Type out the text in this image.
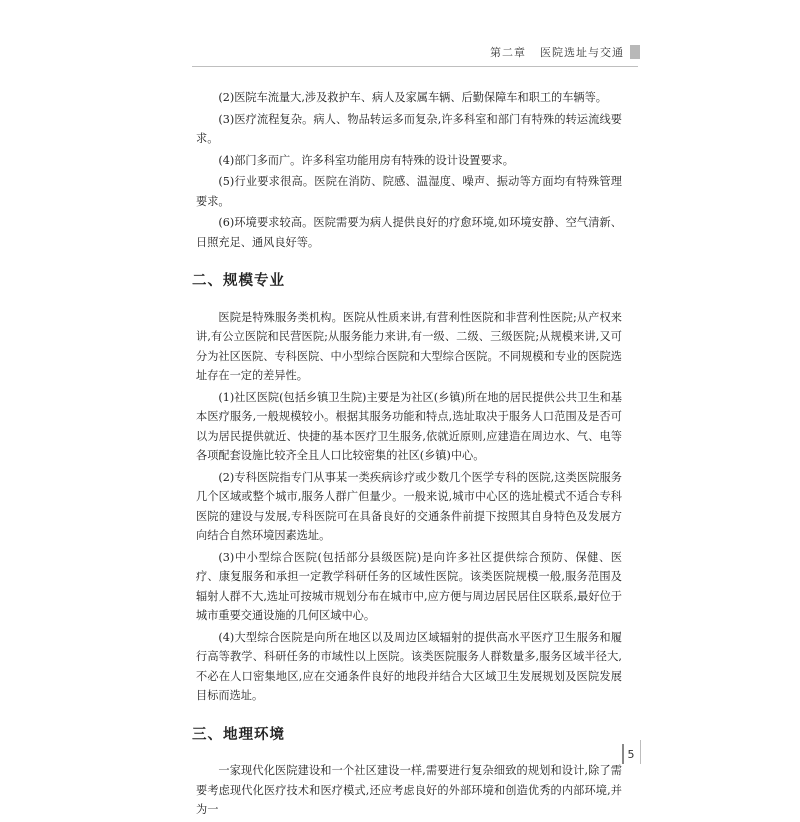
第二章 医院选址与交通

(2)医院车流量大,涉及救护车、病人及家属车辆、后勤保障车和职工的车辆等。

(3)医疗流程复杂。病人、物品转运多而复杂,许多科室和部门有特殊的转运流线要求。

(4)部门多而广。许多科室功能用房有特殊的设计设置要求。

(5)行业要求很高。医院在消防、院感、温湿度、噪声、振动等方面均有特殊管理要求。

(6)环境要求较高。医院需要为病人提供良好的疗愈环境,如环境安静、空气清新、日照充足、通风良好等。

二、规模专业

医院是特殊服务类机构。医院从性质来讲,有营利性医院和非营利性医院;从产权来讲,有公立医院和民营医院;从服务能力来讲,有一级、二级、三级医院;从规模来讲,又可分为社区医院、专科医院、中小型综合医院和大型综合医院。不同规模和专业的医院选址存在一定的差异性。

(1)社区医院(包括乡镇卫生院)主要是为社区(乡镇)所在地的居民提供公共卫生和基本医疗服务,一般规模较小。根据其服务功能和特点,选址取决于服务人口范围及是否可以为居民提供就近、快捷的基本医疗卫生服务,依就近原则,应建造在周边水、气、电等各项配套设施比较齐全且人口比较密集的社区(乡镇)中心。

(2)专科医院指专门从事某一类疾病诊疗或少数几个医学专科的医院,这类医院服务几个区域或整个城市,服务人群广但量少。一般来说,城市中心区的选址模式不适合专科医院的建设与发展,专科医院可在具备良好的交通条件前提下按照其自身特色及发展方向结合自然环境因素选址。

(3)中小型综合医院(包括部分县级医院)是向许多社区提供综合预防、保健、医疗、康复服务和承担一定教学科研任务的区域性医院。该类医院规模一般,服务范围及辐射人群不大,选址可按城市规划分布在城市中,应方便与周边居民居住区联系,最好位于城市重要交通设施的几何区域中心。

(4)大型综合医院是向所在地区以及周边区域辐射的提供高水平医疗卫生服务和履行高等教学、科研任务的市域性以上医院。该类医院服务人群数量多,服务区域半径大,不必在人口密集地区,应在交通条件良好的地段并结合大区域卫生发展规划及医院发展目标而选址。

三、地理环境

一家现代化医院建设和一个社区建设一样,需要进行复杂细致的规划和设计,除了需要考虑现代化医疗技术和医疗模式,还应考虑良好的外部环境和创造优秀的内部环境,并为一

5
